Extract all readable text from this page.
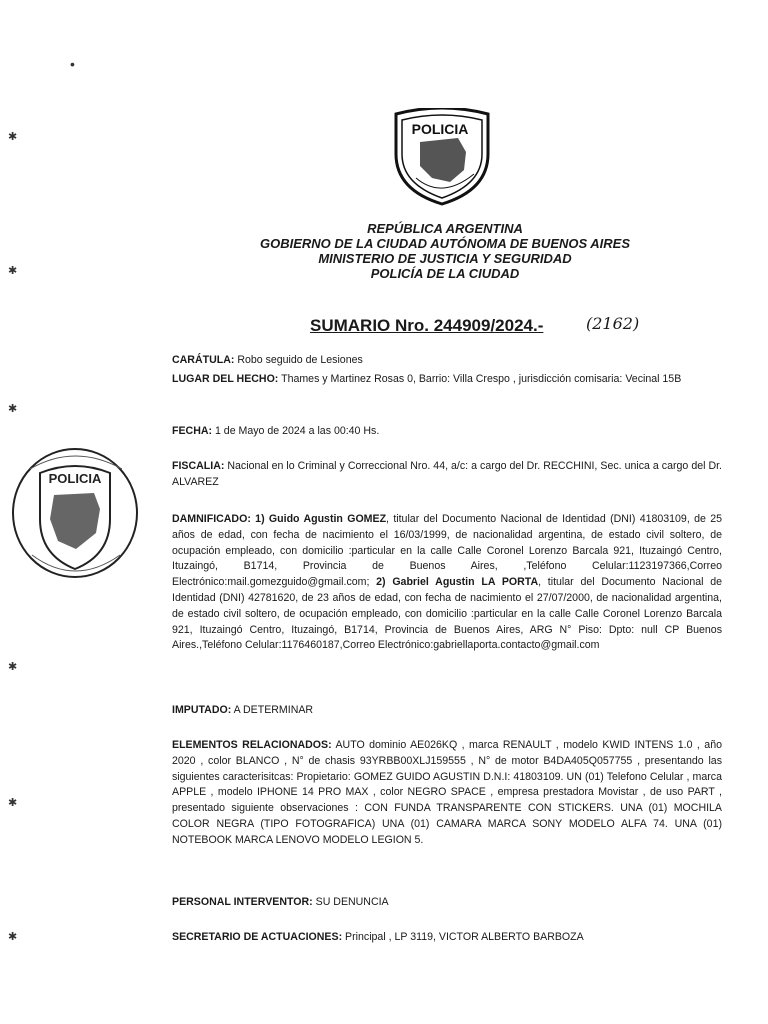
POLICIA
REPÚBLICA ARGENTINA
GOBIERNO DE LA CIUDAD AUTÓNOMA DE BUENOS AIRES
MINISTERIO DE JUSTICIA Y SEGURIDAD
POLICÍA DE LA CIUDAD
SUMARIO Nro. 244909/2024.-	(2162)
POLICIA
✱
✱
✱
✱
✱
✱
•
CARÁTULA: Robo seguido de Lesiones
LUGAR DEL HECHO: Thames y Martinez Rosas 0, Barrio: Villa Crespo , jurisdicción comisaria: Vecinal 15B
FECHA: 1 de Mayo de 2024 a las 00:40 Hs.
FISCALIA: Nacional en lo Criminal y Correccional Nro. 44, a/c: a cargo del Dr. RECCHINI, Sec. unica a cargo del Dr. ALVAREZ
DAMNIFICADO: 1) Guido Agustin GOMEZ, titular del Documento Nacional de Identidad (DNI) 41803109, de 25 años de edad, con fecha de nacimiento el 16/03/1999, de nacionalidad argentina, de estado civil soltero, de ocupación empleado, con domicilio :particular en la calle Calle Coronel Lorenzo Barcala 921, Ituzaingó Centro, Ituzaingó, B1714, Provincia de Buenos Aires, ,Teléfono Celular:1123197366,Correo Electrónico:mail.gomezguido@gmail.com; 2) Gabriel Agustin LA PORTA, titular del Documento Nacional de Identidad (DNI) 42781620, de 23 años de edad, con fecha de nacimiento el 27/07/2000, de nacionalidad argentina, de estado civil soltero, de ocupación empleado, con domicilio :particular en la calle Calle Coronel Lorenzo Barcala 921, Ituzaingó Centro, Ituzaingó, B1714, Provincia de Buenos Aires, ARG N° Piso: Dpto: null CP Buenos Aires.,Teléfono Celular:1176460187,Correo Electrónico:gabriellaporta.contacto@gmail.com
IMPUTADO: A DETERMINAR
ELEMENTOS RELACIONADOS: AUTO dominio AE026KQ , marca RENAULT , modelo KWID INTENS 1.0 , año 2020 , color BLANCO , N° de chasis 93YRBB00XLJ159555 , N° de motor B4DA405Q057755 , presentando las siguientes caracterisitcas: Propietario: GOMEZ GUIDO AGUSTIN D.N.I: 41803109. UN (01) Telefono Celular , marca APPLE , modelo IPHONE 14 PRO MAX , color NEGRO SPACE , empresa prestadora Movistar , de uso PART , presentado siguiente observaciones : CON FUNDA TRANSPARENTE CON STICKERS. UNA (01) MOCHILA COLOR NEGRA (TIPO FOTOGRAFICA) UNA (01) CAMARA MARCA SONY MODELO ALFA 74. UNA (01) NOTEBOOK MARCA LENOVO MODELO LEGION 5.
PERSONAL INTERVENTOR: SU DENUNCIA
SECRETARIO DE ACTUACIONES: Principal , LP 3119, VICTOR ALBERTO BARBOZA
